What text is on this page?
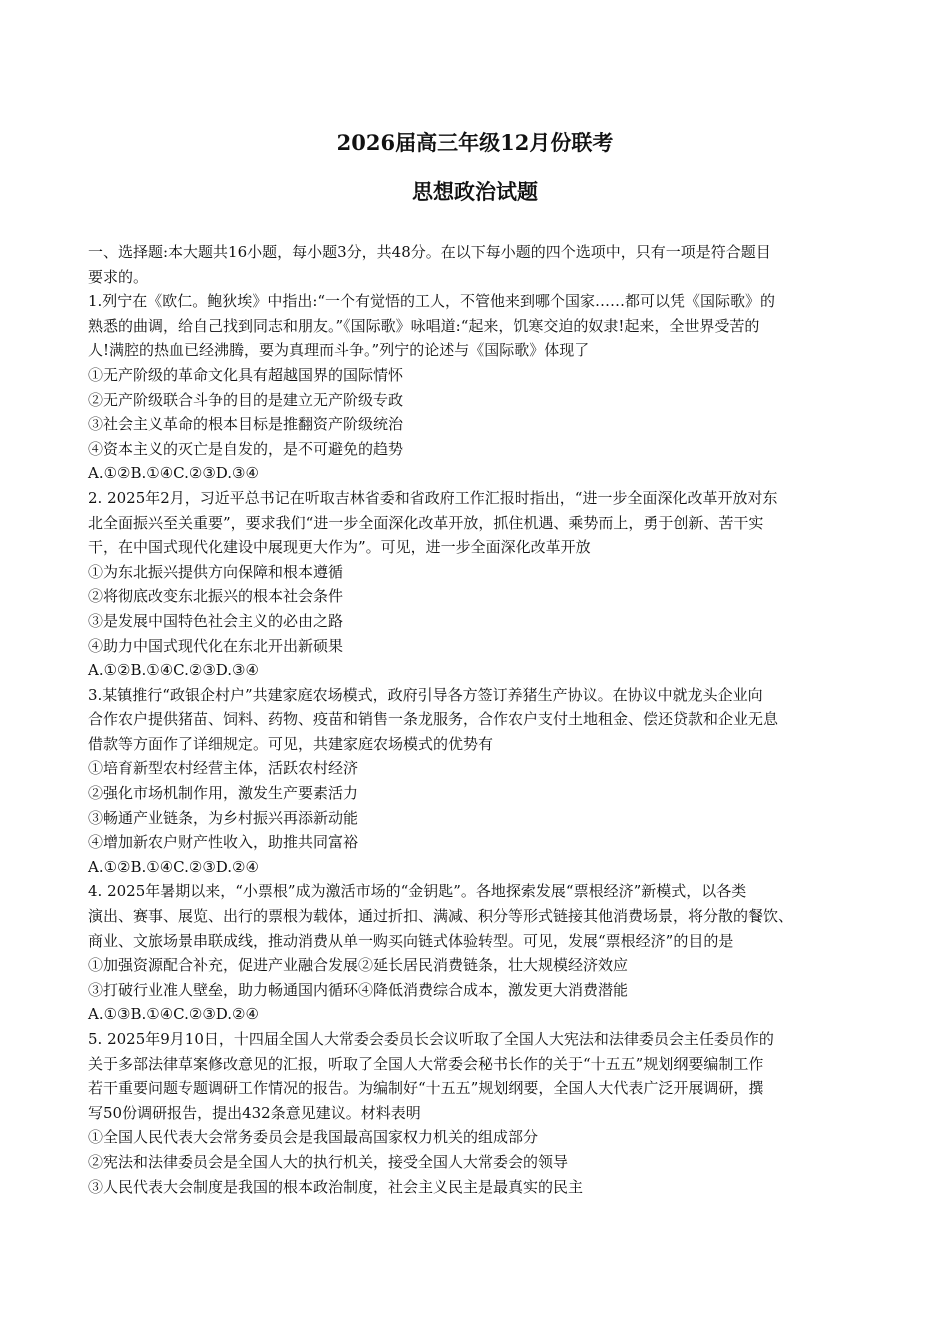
2026届高三年级12月份联考
思想政治试题
一、选择题:本大题共16小题，每小题3分，共48分。在以下每小题的四个选项中，只有一项是符合题目
要求的。
1.列宁在《欧仁。鲍狄埃》中指出:“一个有觉悟的工人，不管他来到哪个国家……都可以凭《国际歌》的
熟悉的曲调，给自己找到同志和朋友。”《国际歌》咏唱道:“起来，饥寒交迫的奴隶!起来，全世界受苦的
人!满腔的热血已经沸腾，要为真理而斗争。”列宁的论述与《国际歌》体现了
①无产阶级的革命文化具有超越国界的国际情怀
②无产阶级联合斗争的目的是建立无产阶级专政
③社会主义革命的根本目标是推翻资产阶级统治
④资本主义的灭亡是自发的，是不可避免的趋势
A.①②B.①④C.②③D.③④
2. 2025年2月，习近平总书记在听取吉林省委和省政府工作汇报时指出，“进一步全面深化改革开放对东
北全面振兴至关重要”，要求我们“进一步全面深化改革开放，抓住机遇、乘势而上，勇于创新、苦干实
干，在中国式现代化建设中展现更大作为”。可见，进一步全面深化改革开放
①为东北振兴提供方向保障和根本遵循
②将彻底改变东北振兴的根本社会条件
③是发展中国特色社会主义的必由之路
④助力中国式现代化在东北开出新硕果
A.①②B.①④C.②③D.③④
3.某镇推行“政银企村户”共建家庭农场模式，政府引导各方签订养猪生产协议。在协议中就龙头企业向
合作农户提供猪苗、饲料、药物、疫苗和销售一条龙服务，合作农户支付土地租金、偿还贷款和企业无息
借款等方面作了详细规定。可见，共建家庭农场模式的优势有
①培育新型农村经营主体，活跃农村经济
②强化市场机制作用，激发生产要素活力
③畅通产业链条，为乡村振兴再添新动能
④增加新农户财产性收入，助推共同富裕
A.①②B.①④C.②③D.②④
4. 2025年暑期以来，“小票根”成为激活市场的“金钥匙”。各地探索发展“票根经济”新模式，以各类
演出、赛事、展览、出行的票根为载体，通过折扣、满减、积分等形式链接其他消费场景，将分散的餐饮、
商业、文旅场景串联成线，推动消费从单一购买向链式体验转型。可见，发展“票根经济”的目的是
①加强资源配合补充，促进产业融合发展②延长居民消费链条，壮大规模经济效应
③打破行业准人壁垒，助力畅通国内循环④降低消费综合成本，激发更大消费潜能
A.①③B.①④C.②③D.②④
5. 2025年9月10日，十四届全国人大常委会委员长会议听取了全国人大宪法和法律委员会主任委员作的
关于多部法律草案修改意见的汇报，听取了全国人大常委会秘书长作的关于“十五五”规划纲要编制工作
若干重要问题专题调研工作情况的报告。为编制好“十五五”规划纲要，全国人大代表广泛开展调研，撰
写50份调研报告，提出432条意见建议。材料表明
①全国人民代表大会常务委员会是我国最高国家权力机关的组成部分
②宪法和法律委员会是全国人大的执行机关，接受全国人大常委会的领导
③人民代表大会制度是我国的根本政治制度，社会主义民主是最真实的民主
